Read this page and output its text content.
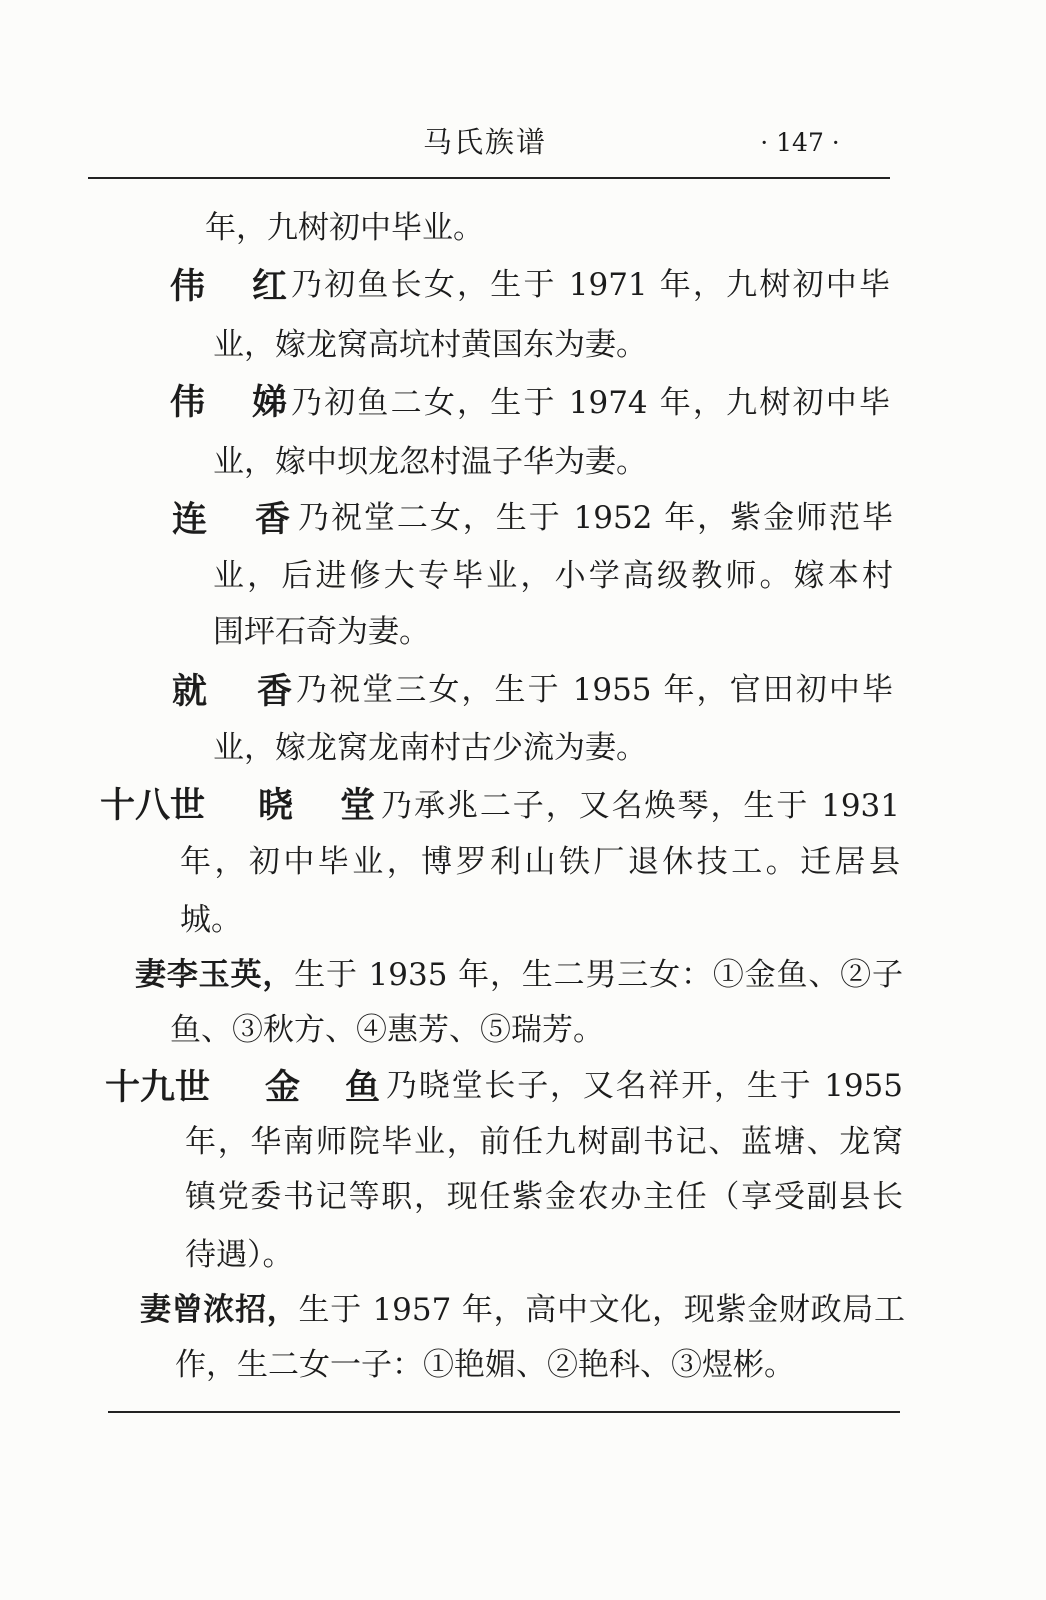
马氏族谱	· 147 ·
年，九树初中毕业。
伟 红 乃初鱼长女，生于 1971 年，九树初中毕
业，嫁龙窝高坑村黄国东为妻。
伟 娣 乃初鱼二女，生于 1974 年，九树初中毕
业，嫁中坝龙忽村温子华为妻。
连 香 乃祝堂二女，生于 1952 年，紫金师范毕
业，后进修大专毕业，小学高级教师。嫁本村
围坪石奇为妻。
就 香 乃祝堂三女，生于 1955 年，官田初中毕
业，嫁龙窝龙南村古少流为妻。
十八世 晓 堂 乃承兆二子，又名焕琴，生于 1931
年，初中毕业，博罗利山铁厂退休技工。迁居县
城。
妻李玉英，生于 1935 年，生二男三女：①金鱼、②子
鱼、③秋方、④惠芳、⑤瑞芳。
十九世 金 鱼 乃晓堂长子，又名祥开，生于 1955
年，华南师院毕业，前任九树副书记、蓝塘、龙窝
镇党委书记等职，现任紫金农办主任（享受副县长
待遇）。
妻曾浓招，生于 1957 年，高中文化，现紫金财政局工
作，生二女一子：①艳媚、②艳科、③煜彬。
